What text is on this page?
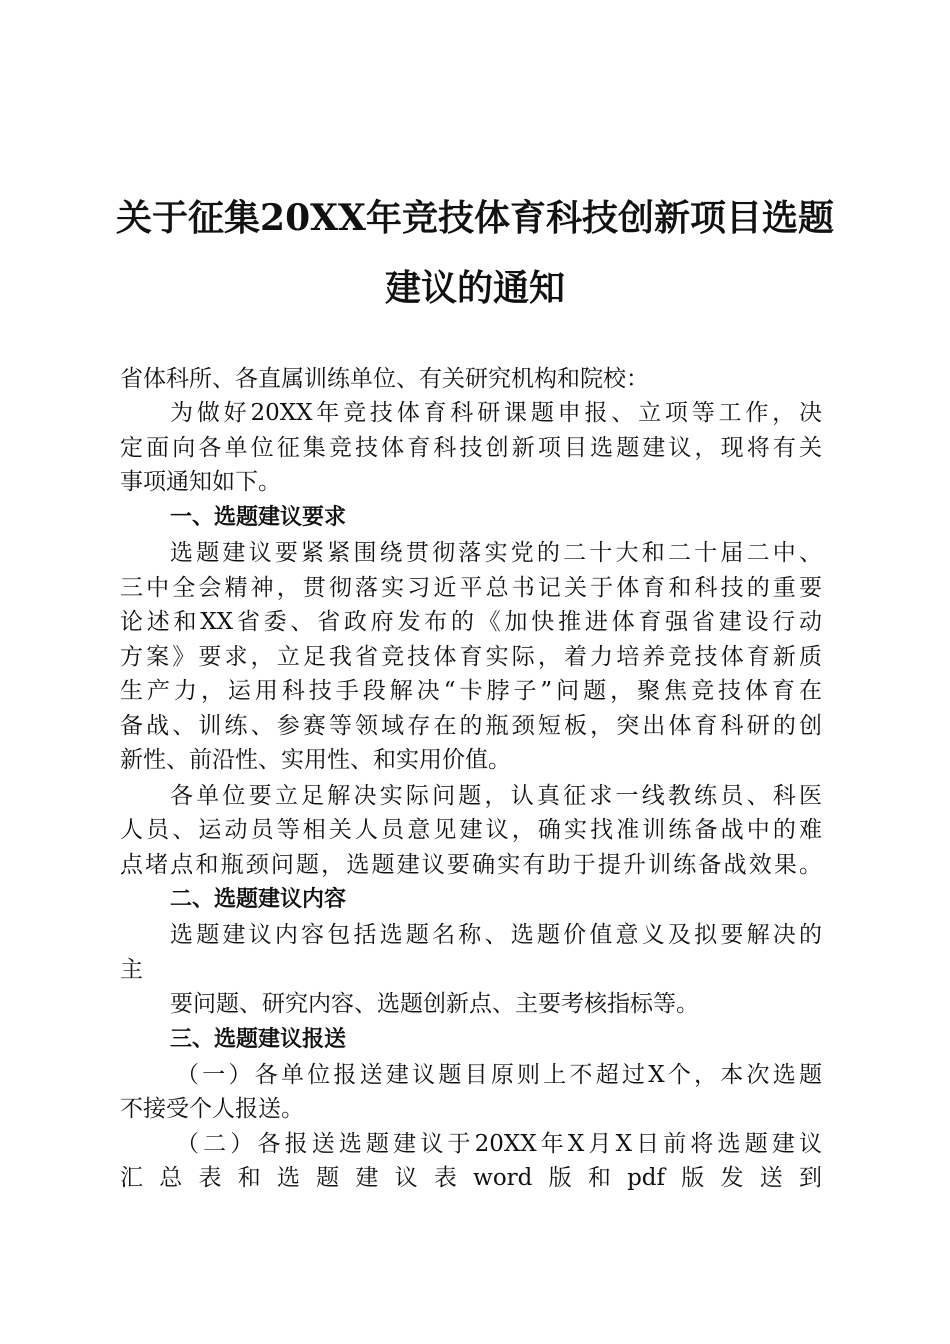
关于征集20XX年竞技体育科技创新项目选题
建议的通知
省体科所、各直属训练单位、有关研究机构和院校：
为做好20XX年竞技体育科研课题申报、立项等工作，决
定面向各单位征集竞技体育科技创新项目选题建议，现将有关
事项通知如下。
一、选题建议要求
选题建议要紧紧围绕贯彻落实党的二十大和二十届二中、
三中全会精神，贯彻落实习近平总书记关于体育和科技的重要
论述和XX省委、省政府发布的《加快推进体育强省建设行动
方案》要求，立足我省竞技体育实际，着力培养竞技体育新质
生产力，运用科技手段解决“卡脖子”问题，聚焦竞技体育在
备战、训练、参赛等领域存在的瓶颈短板，突出体育科研的创
新性、前沿性、实用性、和实用价值。
各单位要立足解决实际问题，认真征求一线教练员、科医
人员、运动员等相关人员意见建议，确实找准训练备战中的难
点堵点和瓶颈问题，选题建议要确实有助于提升训练备战效果。
二、选题建议内容
选题建议内容包括选题名称、选题价值意义及拟要解决的
主
要问题、研究内容、选题创新点、主要考核指标等。
三、选题建议报送
（一）各单位报送建议题目原则上不超过X个，本次选题
不接受个人报送。
（二）各报送选题建议于20XX年X月X日前将选题建议
汇总表和选题建议表word版和pdf版发送到
